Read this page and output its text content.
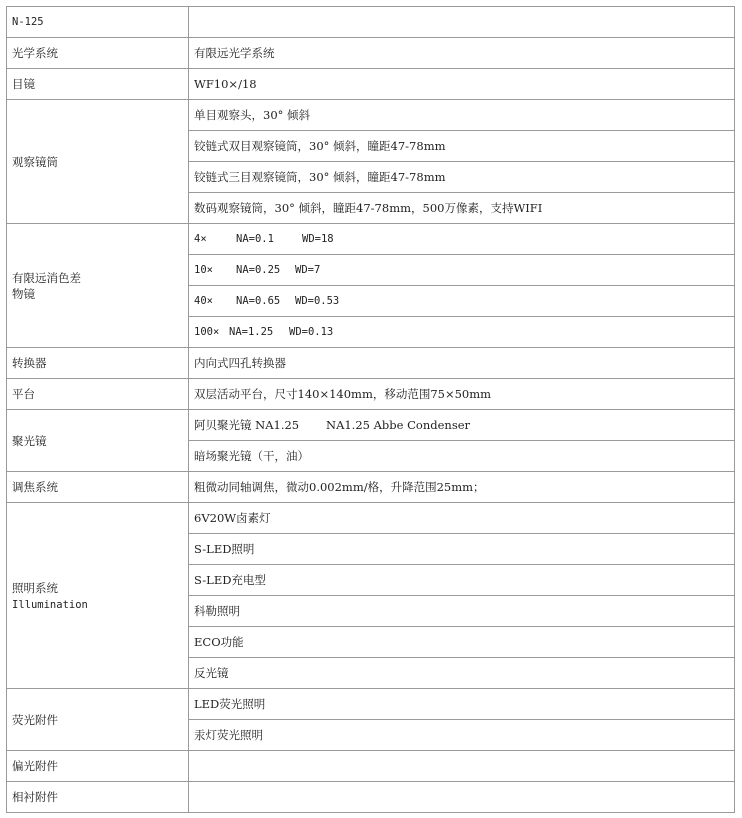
N-125	
光学系统	有限远光学系统
目镜	WF10×/18
观察镜筒	单目观察头，30° 倾斜
	铰链式双目观察镜筒，30° 倾斜，瞳距47-78mm
	铰链式三目观察镜筒，30° 倾斜，瞳距47-78mm
	数码观察镜筒，30° 倾斜，瞳距47-78mm，500万像素，支持WIFI
有限远消色差
物镜	4× NA=0.1 WD=18
	10× NA=0.25 WD=7
	40× NA=0.65 WD=0.53
	100× NA=1.25 WD=0.13
转换器	内向式四孔转换器
平台	双层活动平台，尺寸140×140mm，移动范围75×50mm
聚光镜	阿贝聚光镜 NA1.25 NA1.25 Abbe Condenser
	暗场聚光镜（干，油）
调焦系统	粗微动同轴调焦，微动0.002mm/格，升降范围25mm；
照明系统
Illumination	6V20W卤素灯
	S-LED照明
	S-LED充电型
	科勒照明
	ECO功能
	反光镜
荧光附件	LED荧光照明
	汞灯荧光照明
偏光附件	
相衬附件	
